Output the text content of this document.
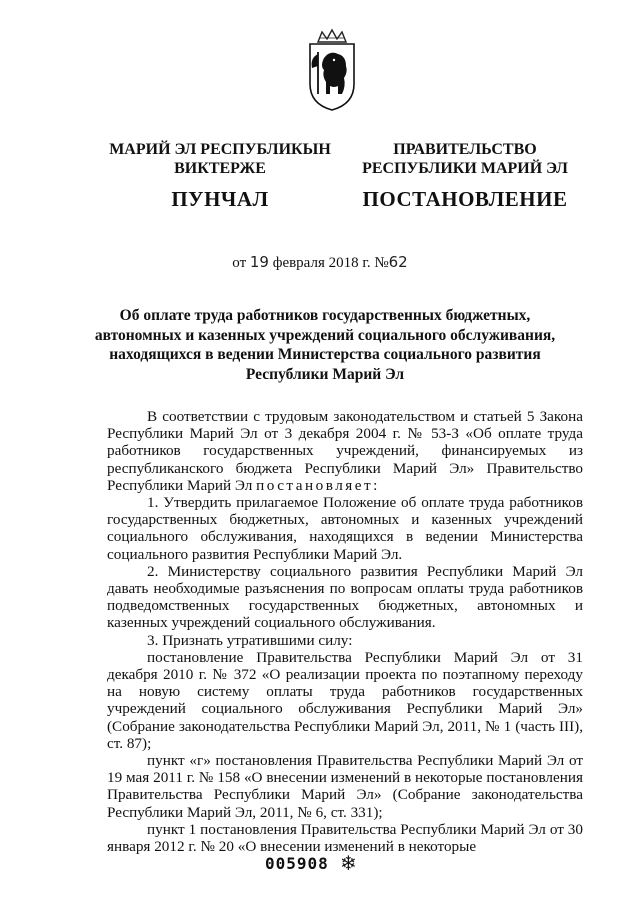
МАРИЙ ЭЛ РЕСПУБЛИКЫН
ВИКТЕРЖЕ
ПУНЧАЛ
ПРАВИТЕЛЬСТВО
РЕСПУБЛИКИ МАРИЙ ЭЛ
ПОСТАНОВЛЕНИЕ
от 19 февраля 2018 г. №62
Об оплате труда работников государственных бюджетных,
автономных и казенных учреждений социального обслуживания,
находящихся в ведении Министерства социального развития
Республики Марий Эл

В соответствии с трудовым законодательством и статьей 5 Закона Республики Марий Эл от 3 декабря 2004 г. № 53-З «Об оплате труда работников государственных учреждений, финансируемых из республиканского бюджета Республики Марий Эл» Правительство Республики Марий Эл постановляет:

1. Утвердить прилагаемое Положение об оплате труда работников государственных бюджетных, автономных и казенных учреждений социального обслуживания, находящихся в ведении Министерства социального развития Республики Марий Эл.

2. Министерству социального развития Республики Марий Эл давать необходимые разъяснения по вопросам оплаты труда работников подведомственных государственных бюджетных, автономных и казенных учреждений социального обслуживания.

3. Признать утратившими силу:

постановление Правительства Республики Марий Эл от 31 декабря 2010 г. № 372 «О реализации проекта по поэтапному переходу на новую систему оплаты труда работников государственных учреждений социального обслуживания Республики Марий Эл» (Собрание законодательства Республики Марий Эл, 2011, № 1 (часть III), ст. 87);

пункт «г» постановления Правительства Республики Марий Эл от 19 мая 2011 г. № 158 «О внесении изменений в некоторые постановления Правительства Республики Марий Эл» (Собрание законодательства Республики Марий Эл, 2011, № 6, ст. 331);

пункт 1 постановления Правительства Республики Марий Эл от 30 января 2012 г. № 20 «О внесении изменений в некоторые

005908 ❄
